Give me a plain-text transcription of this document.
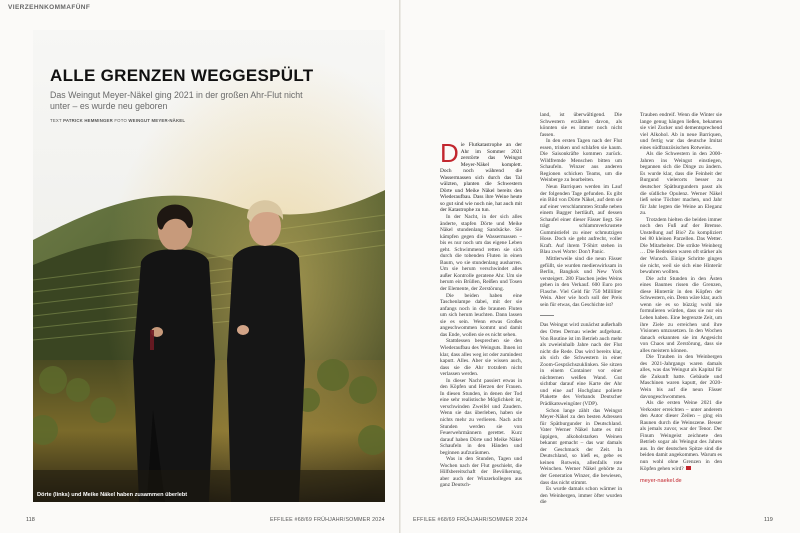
VIERZEHNKOMMAFÜNF
Dörte (links) und Meike Näkel haben zusammen überlebt
ALLE GRENZEN WEGGESPÜLT
Das Weingut Meyer-Näkel ging 2021 in der großen Ahr-Flut nicht unter – es wurde neu geboren
TEXT PATRICK HEMMINGER FOTO WEINGUT MEYER-NÄKEL
D ie Flutkatastrophe an der Ahr im Sommer 2021 zerstörte das Weingut Meyer-Näkel komplett. Doch noch während die Wassermassen sich durch das Tal wälzten, planten die Schwestern Dörte und Meike Näkel bereits den Wiederaufbau. Dass ihre Weine heute so gut sind wie noch nie, hat auch mit der Katastrophe zu tun.

In der Nacht, in der sich alles änderte, stapfen Dörte und Meike Näkel stundenlang Sandsäcke. Sie kämpfen gegen die Wassermassen – bis es nur noch um das eigene Leben geht. Schwimmend retten sie sich durch die tobenden Fluten in einen Baum, wo sie stundenlang ausharren. Um sie herum verschwindet alles außer Kontrolle geratene Ahr. Um sie herum ein Brüllen, Reißen und Tosen der Elemente, der Zerstörung.

Die beiden haben eine Taschenlampe dabei, mit der sie anfangs noch in die braunen Fluten um sich herum leuchten. Dann lassen sie es sein. Wenn etwas Großes angeschwommen kommt und damit das Ende, wollen sie es nicht sehen.

Stattdessen besprechen sie den Wiederaufbau des Weinguts. Ihnen ist klar, dass alles weg ist oder zumindest kaputt. Alles. Aber sie wissen auch, dass sie die Ahr trotzdem nicht verlassen werden.

In dieser Nacht passiert etwas in den Köpfen und Herzen der Frauen. In diesen Stunden, in denen der Tod eine sehr realistische Möglichkeit ist, verschwinden Zweifel und Zaudern. Wenn sie das überleben, haben sie nichts mehr zu verlieren. Nach acht Stunden werden sie von Feuerwehrmännern gerettet. Kurz darauf haben Dörte und Meike Näkel Schaufeln in den Händen und beginnen aufzuräumen.

Was in den Stunden, Tagen und Wochen nach der Flut geschieht, die Hilfsbereitschaft der Bevölkerung, aber auch der Winzerkollegen aus ganz Deutsch-

land, ist überwältigend. Die Schwestern erzählen davon, als könnten sie es immer noch nicht fassen.

In den ersten Tagen nach der Flut essen, trinken und schlafen sie kaum. Die Saisonkräfte kommen zurück. Wildfremde Menschen bitten um Schaufeln. Winzer aus anderen Regionen schicken Teams, um die Weinberge zu bearbeiten.

Neun Barriquen werden im Lauf der folgenden Tage gefunden. Es gibt ein Bild von Dörte Näkel, auf dem sie auf einer verschlammten Straße neben einem Bagger hertläuft, auf dessen Schaufel einer dieser Fässer liegt. Sie trägt schlammverkrustete Gummistiefel zu einer schmutzigen Hose. Doch sie geht aufrecht, voller Kraft. Auf ihrem T-Shirt stehen in Blau zwei Worte: Don't Panic.

Mittlerweile sind die neun Fässer gefüllt, sie wurden medienwirksam in Berlin, Bangkok und New York versteigert. 280 Flaschen jedes Weins gehen in den Verkauf. 600 Euro pro Flasche. Viel Geld für 750 Milliliter Wein. Aber wie hoch soll der Preis sein für etwas, das Geschichte ist?

Das Weingut wird zunächst außerhalb des Ortes Dernau wieder aufgebaut. Von Routine ist im Betrieb auch mehr als zweieinhalb Jahre nach der Flut nicht die Rede. Das wird bereits klar, als sich die Schwestern in einer Zoom-Gesprächszuklinken. Sie sitzen in einem Container vor einer nüchternen weißen Wand. Gut sichtbar darauf eine Karte der Ahr und eine auf Hochglanz polierte Plakette des Verbands Deutscher Prädikatsweingüter (VDP).

Schon lange zählt das Weingut Meyer-Näkel zu den besten Adressen für Spätburgunder in Deutschland. Vater Werner Näkel hatte es mit üppigen, alkoholstarken Weinen bekannt gemacht – das war damals der Geschmack der Zeit. In Deutschland, so hieß es, gebe es keinen Rotwein, allenfalls rote Weinchen. Werner Näkel gehörte zu der Generation Winzer, die bewiesen, dass das nicht stimmt.

Es wurde damals schon wärmer in den Weinbergen, immer öfter wurden die

Trauben endreif. Wenn die Winter sie lange genug hängen ließen, bekamen sie viel Zucker und dementsprechend viel Alkohol. Ab in neue Barriquen, und fertig war das deutsche Imitat eines südfranzösischen Rotweins.

Als die Schwestern in den 2000-Jahren ins Weingut einstiegen, begannen sich die Dinge zu ändern. Es wurde klar, dass die Feinheit der Burgund vielerorts besser zu deutscher Spätburgundern passt als die südliche Opulenz. Werner Näkel ließ seine Töchter machen, und Jahr für Jahr legten die Weine an Eleganz zu.

Trotzdem hielten die beiden immer noch den Fuß auf der Bremse. Unstellung auf Bio? Zu kompliziert bei 80 kleinen Parzellen. Das Wetter. Die Mitarbeiter. Die strikte Weinberg … Die Bedenken waren oft stärker als der Wunsch. Einige Schritte gingen sie nicht, weil sie sich eine Hinterür bewahren wollten.

Die acht Stunden in den Ästen eines Baumes rissen die Grenzen, diese Hintertür in den Köpfen der Schwestern, ein. Denn wäre klar, auch wenn sie es so büzzig wohl nie formulieren würden, dass sie nur ein Leben haben. Eine begrenzte Zeit, um ihre Ziele zu erreichen und ihre Visionen umzusetzen. In den Wochen danach erkannten sie im Angesicht von Chaos und Zerstörung, dass sie alles meistern können.

Die Trauben in den Weinbergen des 2021-Jahrgangs waren damals alles, was das Weingut als Kapital für die Zukunft hatte. Gebäude und Maschinen waren kaputt, der 2020-Wein bis auf die neun Fässer davongeschwommen.

Als die ersten Weine 2021 die Verkoster erreichten – unter anderem den Autor dieser Zeilen – ging ein Raunen durch die Weinszene. Besser als jemals zuvor, war der Tenor. Der Finum Weingeist zeichnete den Betrieb sogar als Weingut des Jahres aus. In der deutschen Spitze sind die beiden damit angekommen. Warum es nun wohl ohne Grenzen in den Köpfen gehen wird?

meyer-naekel.de
118	EFFILEE #68/69 FRÜHJAHR/SOMMER 2024	EFFILEE #68/69 FRÜHJAHR/SOMMER 2024	119
